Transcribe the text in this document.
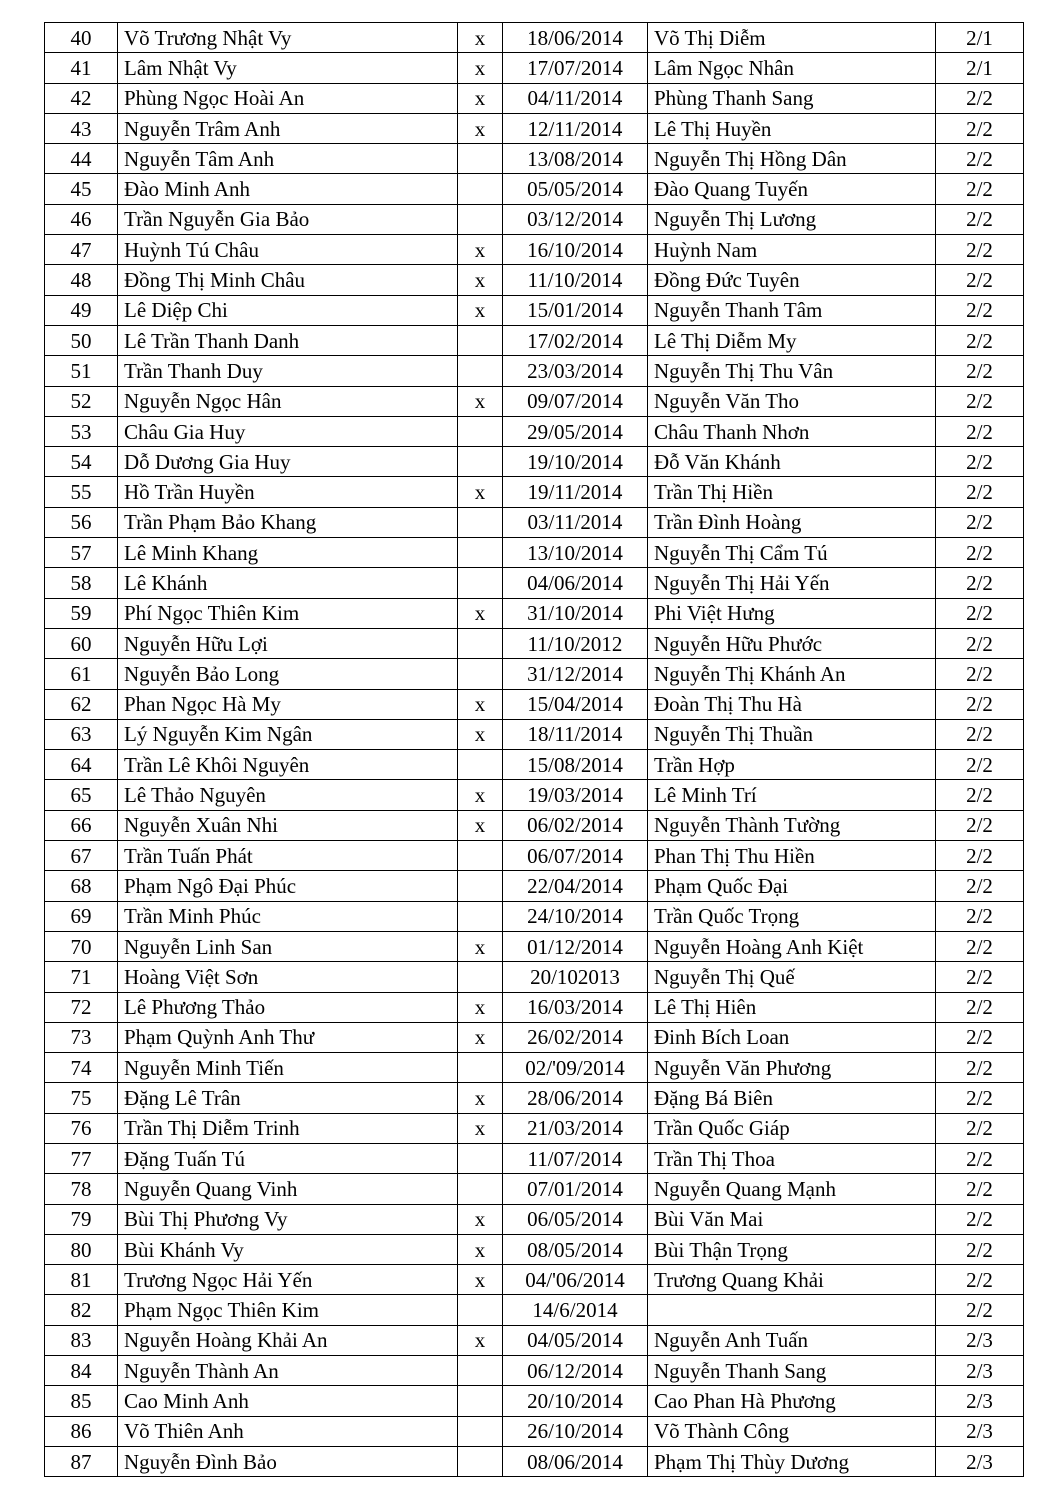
40	Võ Trương Nhật Vy	x	18/06/2014	Võ Thị Diễm	2/1
41	Lâm Nhật Vy	x	17/07/2014	Lâm Ngọc Nhân	2/1
42	Phùng Ngọc Hoài An	x	04/11/2014	Phùng Thanh Sang	2/2
43	Nguyễn Trâm Anh	x	12/11/2014	Lê Thị Huyền	2/2
44	Nguyễn Tâm Anh		13/08/2014	Nguyễn Thị Hồng Dân	2/2
45	Đào Minh Anh		05/05/2014	Đào Quang Tuyến	2/2
46	Trần Nguyễn Gia Bảo		03/12/2014	Nguyễn Thị Lương	2/2
47	Huỳnh Tú Châu	x	16/10/2014	Huỳnh Nam	2/2
48	Đồng Thị Minh Châu	x	11/10/2014	Đồng Đức Tuyên	2/2
49	Lê Diệp Chi	x	15/01/2014	Nguyễn Thanh Tâm	2/2
50	Lê Trần Thanh Danh		17/02/2014	Lê Thị Diễm My	2/2
51	Trần Thanh Duy		23/03/2014	Nguyễn Thị Thu Vân	2/2
52	Nguyễn Ngọc Hân	x	09/07/2014	Nguyễn Văn Tho	2/2
53	Châu Gia Huy		29/05/2014	Châu Thanh Nhơn	2/2
54	Dỗ Dương Gia Huy		19/10/2014	Đỗ Văn Khánh	2/2
55	Hồ Trần Huyền	x	19/11/2014	Trần Thị Hiền	2/2
56	Trần Phạm Bảo Khang		03/11/2014	Trần Đình Hoàng	2/2
57	Lê Minh Khang		13/10/2014	Nguyễn Thị Cẩm Tú	2/2
58	Lê Khánh		04/06/2014	Nguyễn Thị Hải Yến	2/2
59	Phí Ngọc Thiên Kim	x	31/10/2014	Phi Việt Hưng	2/2
60	Nguyễn Hữu Lợi		11/10/2012	Nguyễn Hữu Phước	2/2
61	Nguyễn Bảo Long		31/12/2014	Nguyễn Thị Khánh An	2/2
62	Phan Ngọc Hà My	x	15/04/2014	Đoàn Thị Thu Hà	2/2
63	Lý Nguyễn Kim Ngân	x	18/11/2014	Nguyễn Thị Thuần	2/2
64	Trần Lê Khôi Nguyên		15/08/2014	Trần Hợp	2/2
65	Lê Thảo Nguyên	x	19/03/2014	Lê Minh Trí	2/2
66	Nguyễn Xuân Nhi	x	06/02/2014	Nguyễn Thành Tường	2/2
67	Trần Tuấn Phát		06/07/2014	Phan Thị Thu Hiền	2/2
68	Phạm Ngô Đại Phúc		22/04/2014	Phạm Quốc Đại	2/2
69	Trần Minh Phúc		24/10/2014	Trần Quốc Trọng	2/2
70	Nguyễn Linh San	x	01/12/2014	Nguyễn Hoàng Anh Kiệt	2/2
71	Hoàng Việt Sơn		20/102013	Nguyễn Thị Quế	2/2
72	Lê Phương Thảo	x	16/03/2014	Lê Thị Hiên	2/2
73	Phạm Quỳnh Anh Thư	x	26/02/2014	Đinh Bích Loan	2/2
74	Nguyễn Minh Tiến		02/'09/2014	Nguyễn Văn Phương	2/2
75	Đặng Lê Trân	x	28/06/2014	Đặng Bá Biên	2/2
76	Trần Thị Diễm Trinh	x	21/03/2014	Trần Quốc Giáp	2/2
77	Đặng Tuấn Tú		11/07/2014	Trần Thị Thoa	2/2
78	Nguyễn Quang Vinh		07/01/2014	Nguyễn Quang Mạnh	2/2
79	Bùi Thị Phương Vy	x	06/05/2014	Bùi Văn Mai	2/2
80	Bùi Khánh Vy	x	08/05/2014	Bùi Thận Trọng	2/2
81	Trương Ngọc Hải Yến	x	04/'06/2014	Trương Quang Khải	2/2
82	Phạm Ngọc Thiên Kim		14/6/2014		2/2
83	Nguyễn Hoàng Khải An	x	04/05/2014	Nguyễn Anh Tuấn	2/3
84	Nguyễn Thành An		06/12/2014	Nguyễn Thanh Sang	2/3
85	Cao Minh Anh		20/10/2014	Cao Phan Hà Phương	2/3
86	Võ Thiên Anh		26/10/2014	Võ Thành Công	2/3
87	Nguyễn Đình Bảo		08/06/2014	Phạm Thị Thùy Dương	2/3
